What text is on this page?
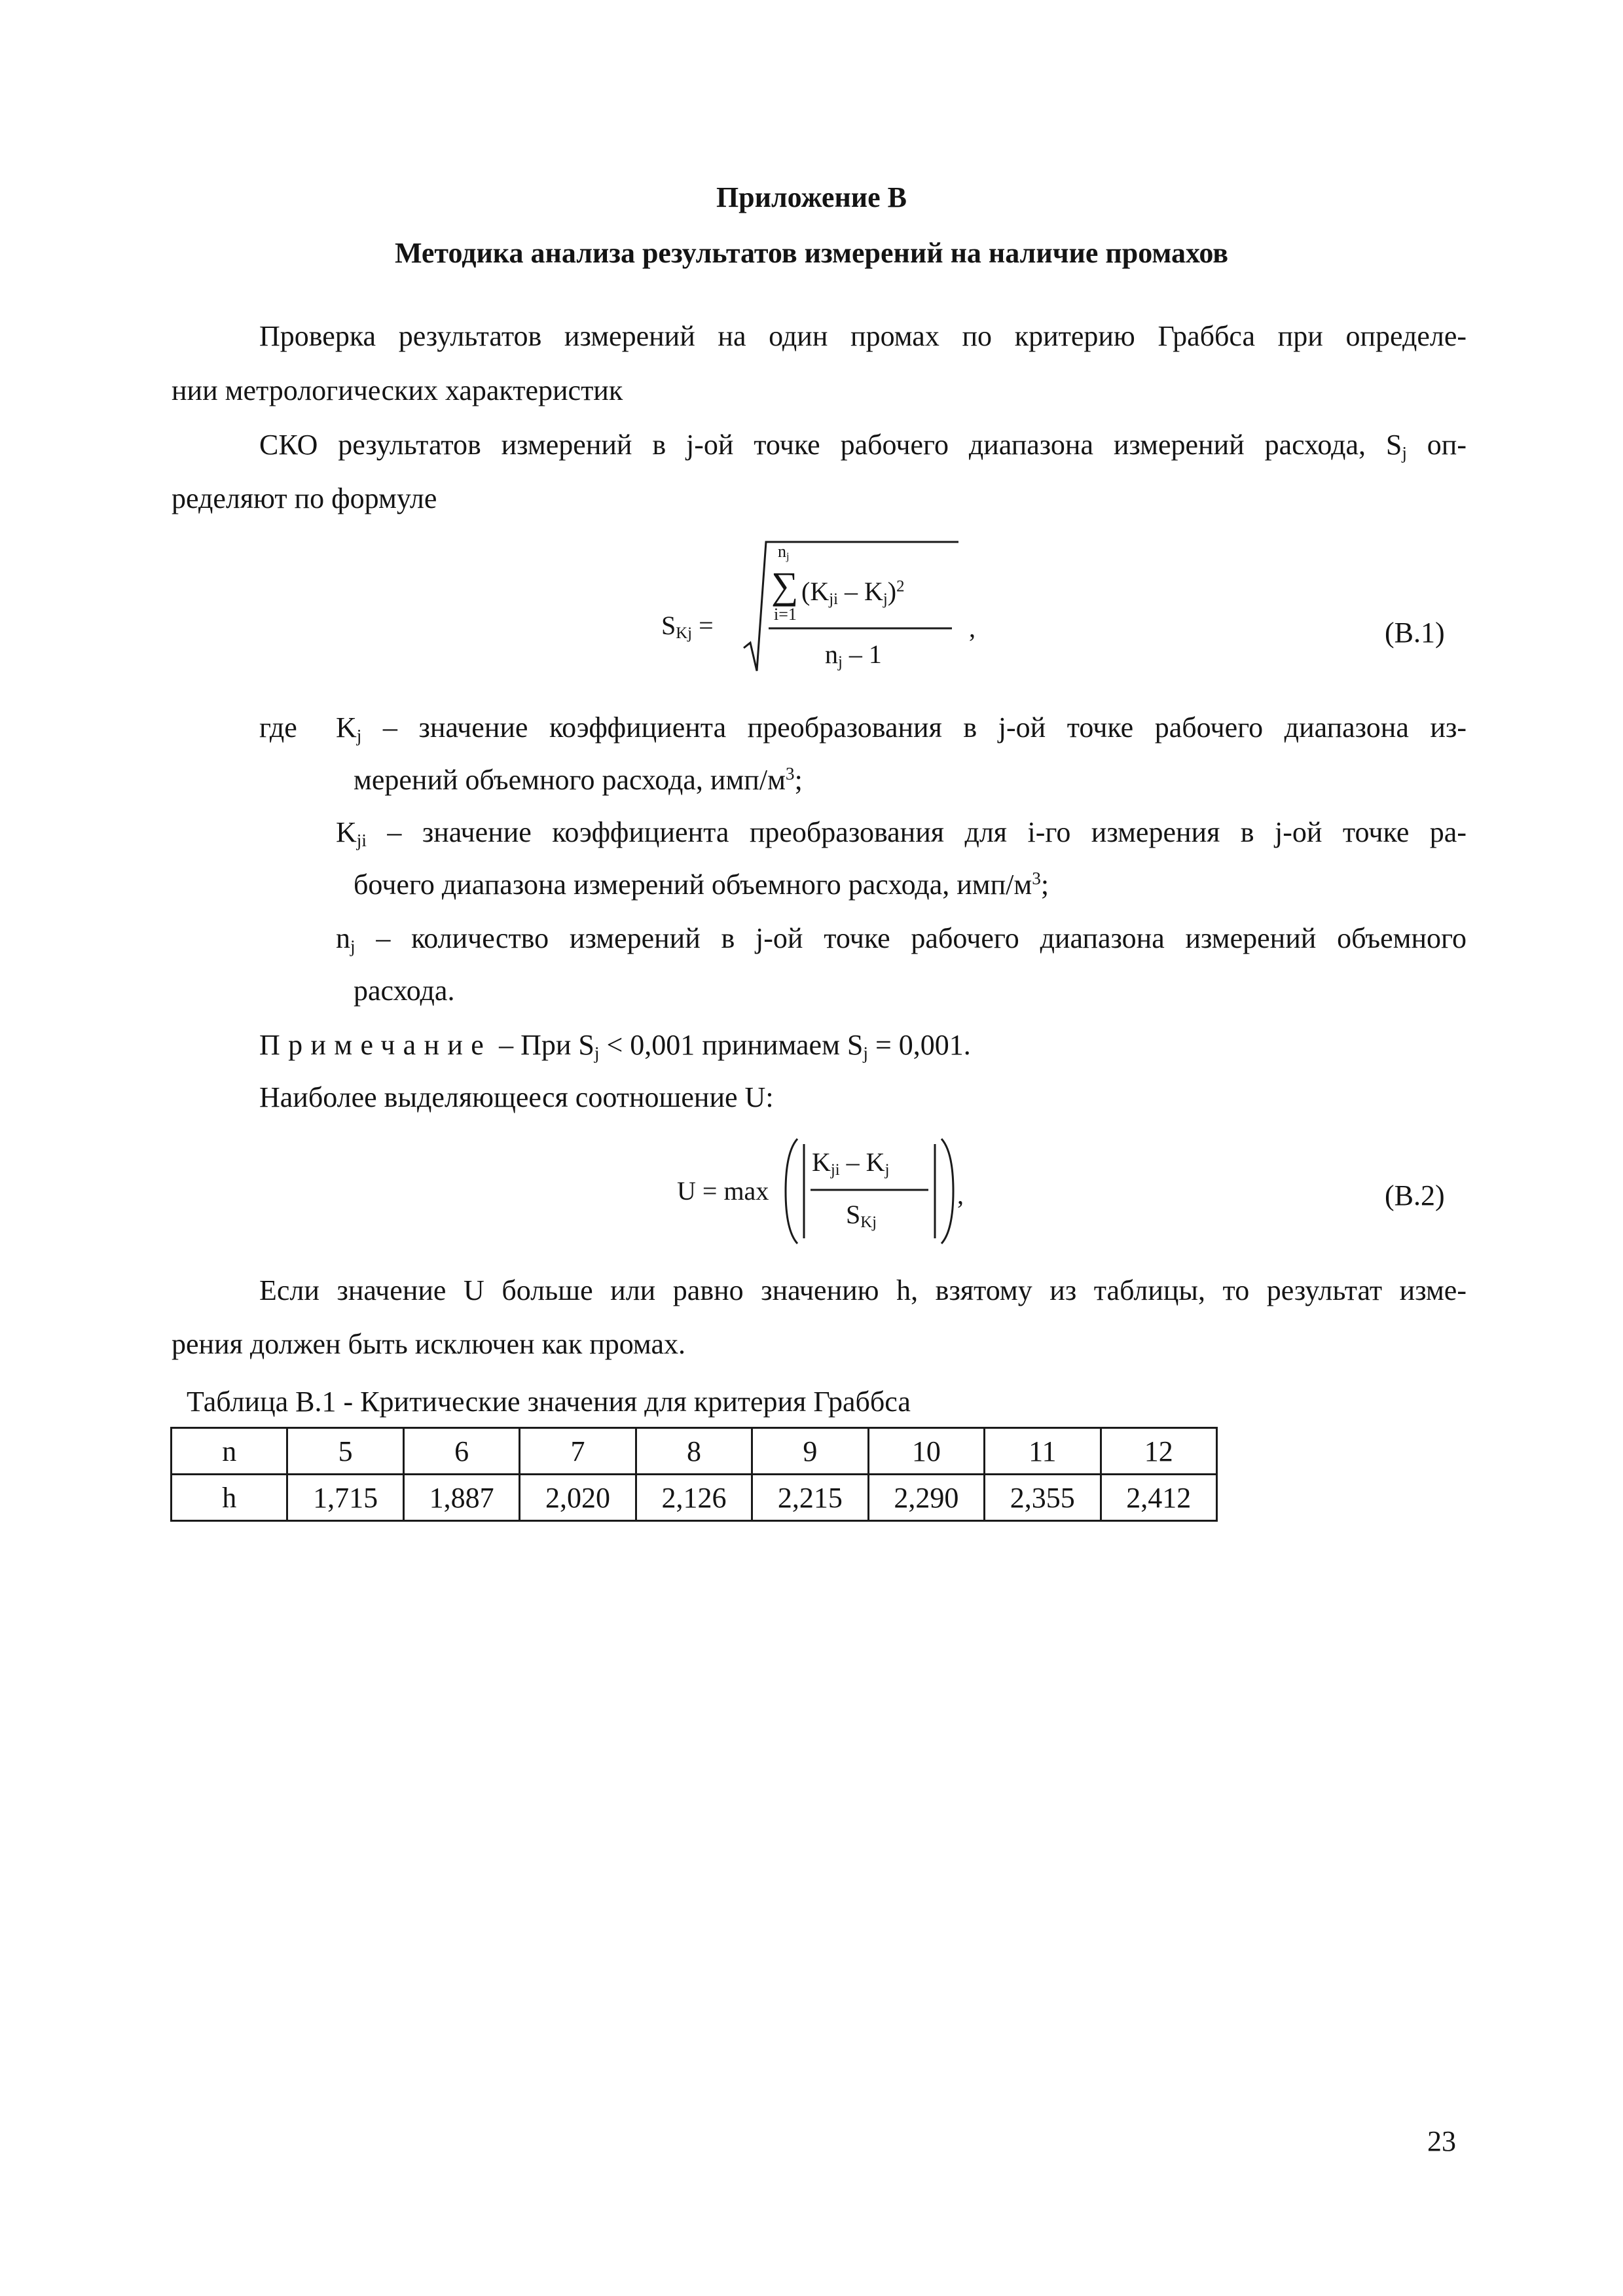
Приложение В
Методика анализа результатов измерений на наличие промахов
Проверка результатов измерений на один промах по критерию Граббса при определе-
нии метрологических характеристик
СКО результатов измерений в j-ой точке рабочего диапазона измерений расхода, $S_j$ оп-
ределяют по формуле
$S_{Kj}$ =
$n_j$
∑
i=1
$(K_{ji} - K_j)^2$
$n_j - 1$
,	(В.1)
где $K_j$ – значение коэффициента преобразования в j-ой точке рабочего диапазона из-
мерений объемного расхода, имп/$м^3$;
$K_{ji}$ – значение коэффициента преобразования для i-го измерения в j-ой точке ра-
бочего диапазона измерений объемного расхода, имп/$м^3$;
$n_j$ – количество измерений в j-ой точке рабочего диапазона измерений объемного
расхода.
Примечание – При $S_j < 0,001$ принимаем $S_j = 0,001$.
Наиболее выделяющееся соотношение U:
U = max
$K_{ji} - K_j$
$S_{Kj}$
,	(В.2)
Если значение U больше или равно значению h, взятому из таблицы, то результат изме-
рения должен быть исключен как промах.
Таблица В.1 - Критические значения для критерия Граббса
n	5	6	7	8	9	10	11	12
h	1,715	1,887	2,020	2,126	2,215	2,290	2,355	2,412
23
